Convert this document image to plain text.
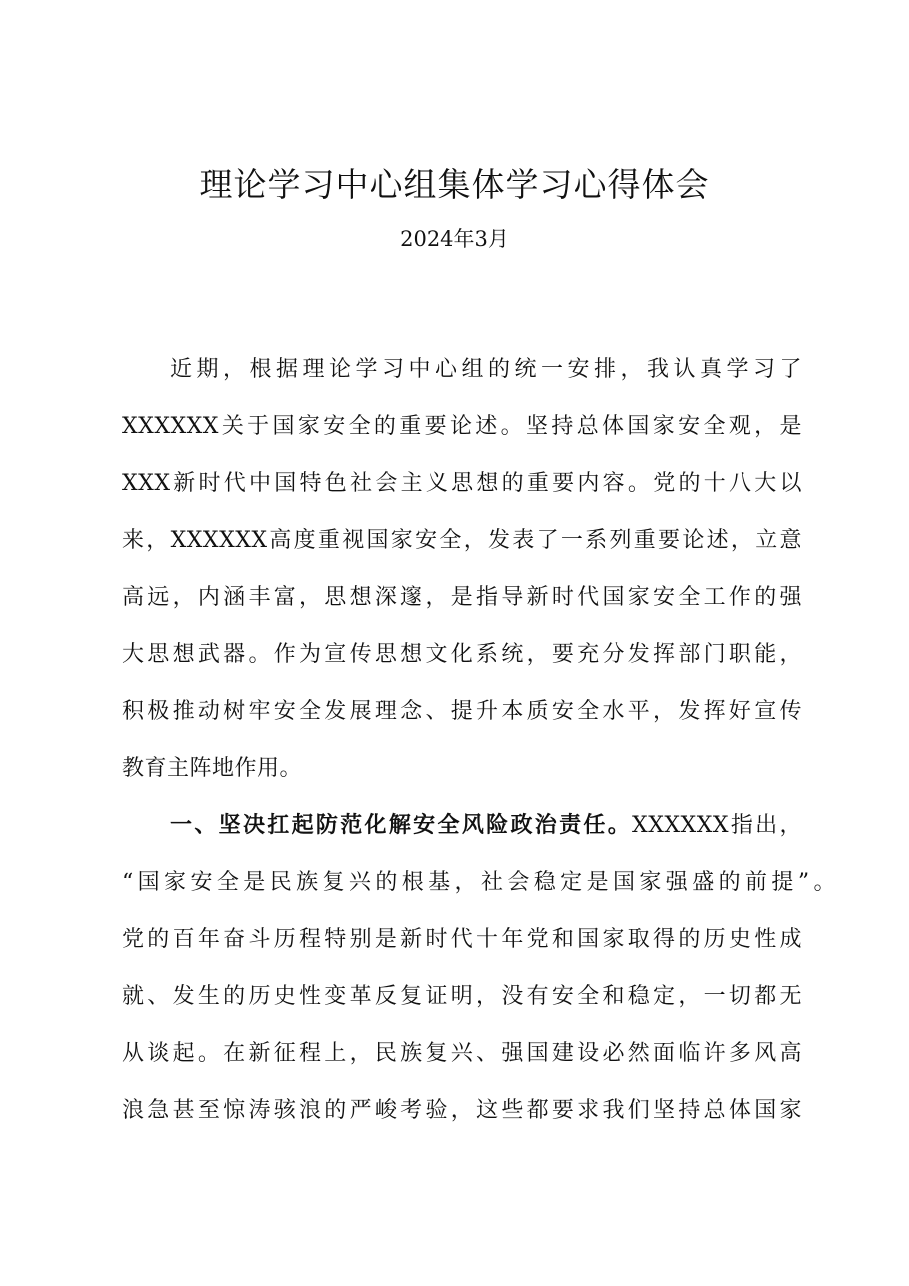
理论学习中心组集体学习心得体会
2024年3月
近期，根据理论学习中心组的统一安排，我认真学习了
XXXXXX关于国家安全的重要论述。坚持总体国家安全观，是
XXX新时代中国特色社会主义思想的重要内容。党的十八大以
来，XXXXXX高度重视国家安全，发表了一系列重要论述，立意
高远，内涵丰富，思想深邃，是指导新时代国家安全工作的强
大思想武器。作为宣传思想文化系统，要充分发挥部门职能，
积极推动树牢安全发展理念、提升本质安全水平，发挥好宣传
教育主阵地作用。
一、坚决扛起防范化解安全风险政治责任。XXXXXX指出，
“国家安全是民族复兴的根基，社会稳定是国家强盛的前提”。
党的百年奋斗历程特别是新时代十年党和国家取得的历史性成
就、发生的历史性变革反复证明，没有安全和稳定，一切都无
从谈起。在新征程上，民族复兴、强国建设必然面临许多风高
浪急甚至惊涛骇浪的严峻考验，这些都要求我们坚持总体国家
